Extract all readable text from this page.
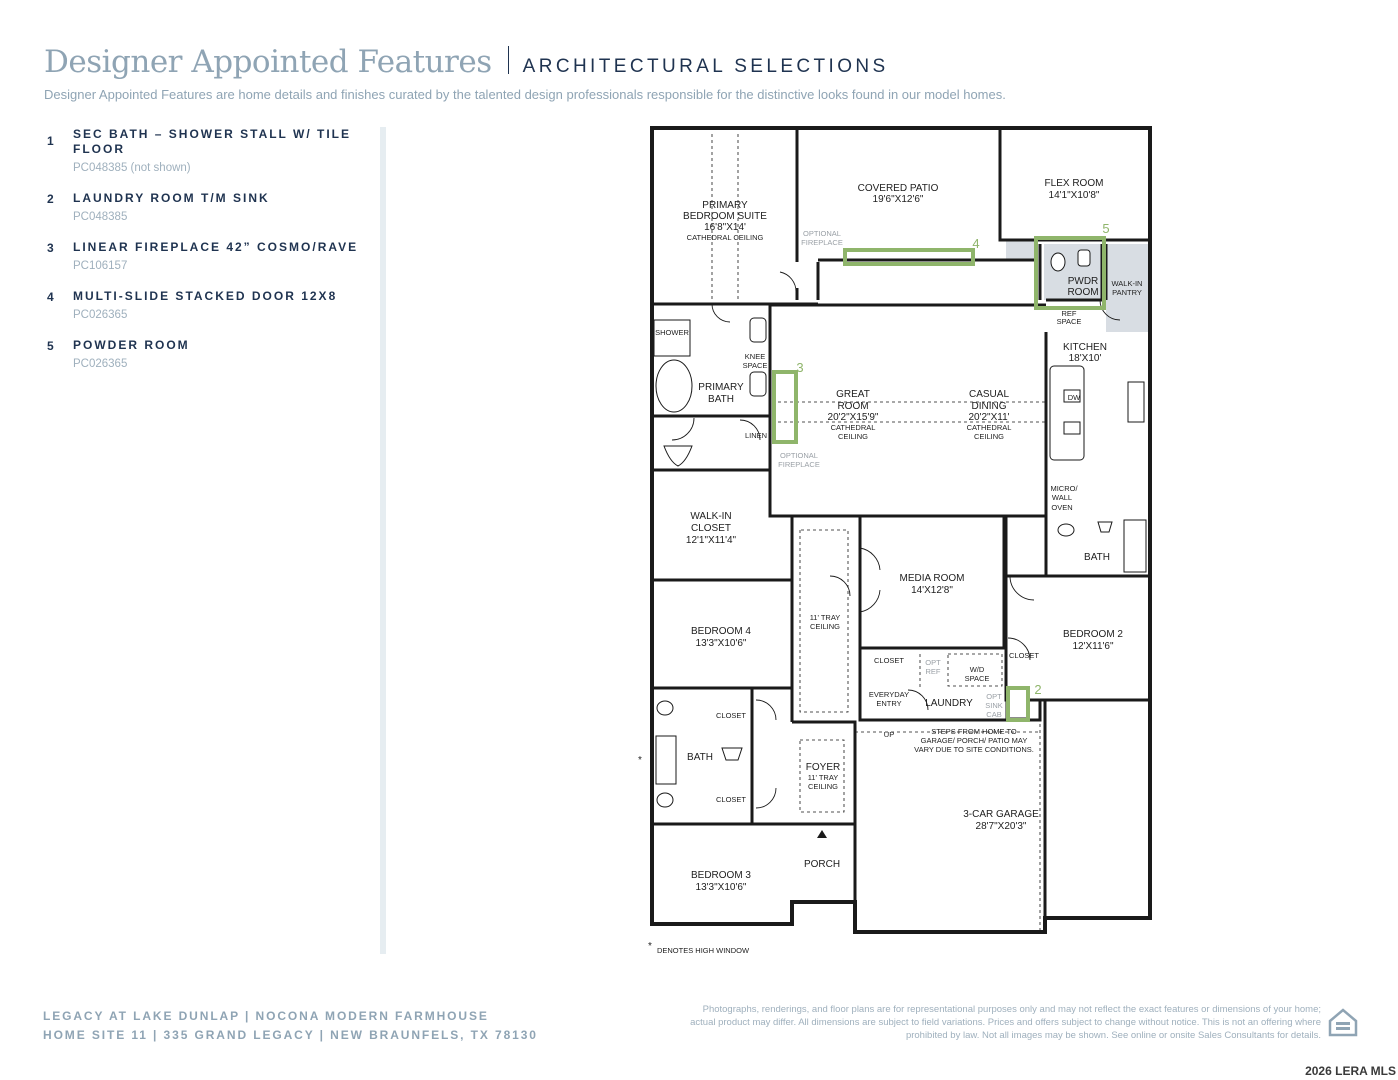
Designer Appointed Features ARCHITECTURAL SELECTIONS
Designer Appointed Features are home details and finishes curated by the talented design professionals responsible for the distinctive looks found in our model homes.
1 SEC BATH – SHOWER STALL W/ TILE FLOOR
PC048385 (not shown)
2 LAUNDRY ROOM T/M SINK
PC048385
3 LINEAR FIREPLACE 42” COSMO/RAVE
PC106157
4 MULTI-SLIDE STACKED DOOR 12X8
PC026365
5 POWDER ROOM
PC026365	3
4
5
2
PRIMARY
BEDROOM SUITE
16'8"X14'
CATHEDRAL CEILING
COVERED PATIO
19'6"X12'6"
OPTIONAL
FIREPLACE
FLEX ROOM
14'1"X10'8"
PWDR
ROOM
WALK-IN
PANTRY
REF
SPACE
SHOWER
KNEE
SPACE
PRIMARY
BATH
LINEN
OPTIONAL
FIREPLACE
GREAT
ROOM
20'2"X15'9"
CATHEDRAL
CEILING
CASUAL
DINING
20'2"X11'
CATHEDRAL
CEILING
KITCHEN
18'X10'
DW
MICRO/
WALL
OVEN
WALK-IN
CLOSET
12'1"X11'4"
11' TRAY
CEILING
MEDIA ROOM
14'X12'8"
BATH
BEDROOM 2
12'X11'6"
CLOSET
BEDROOM 4
13'3"X10'6"
CLOSET	OPT
REF	W/D
SPACE
EVERYDAY
ENTRY LAUNDRY
OPT
SINK
CAB
UP
CLOSET
BATH
CLOSET
FOYER
11' TRAY
CEILING
STEPS FROM HOME TO
GARAGE/ PORCH/ PATIO MAY
VARY DUE TO SITE CONDITIONS.
3-CAR GARAGE
28'7"X20'3"
PORCH
BEDROOM 3
13'3"X10'6"
*
* DENOTES HIGH WINDOW
LEGACY AT LAKE DUNLAP | NOCONA MODERN FARMHOUSE
HOME SITE 11 | 335 GRAND LEGACY | NEW BRAUNFELS, TX 78130
Photographs, renderings, and floor plans are for representational purposes only and may not reflect the exact features or dimensions of your home; actual product may differ. All dimensions are subject to field variations. Prices and offers subject to change without notice. This is not an offering where prohibited by law. Not all images may be shown. See online or onsite Sales Consultants for details.
2026 LERA MLS
